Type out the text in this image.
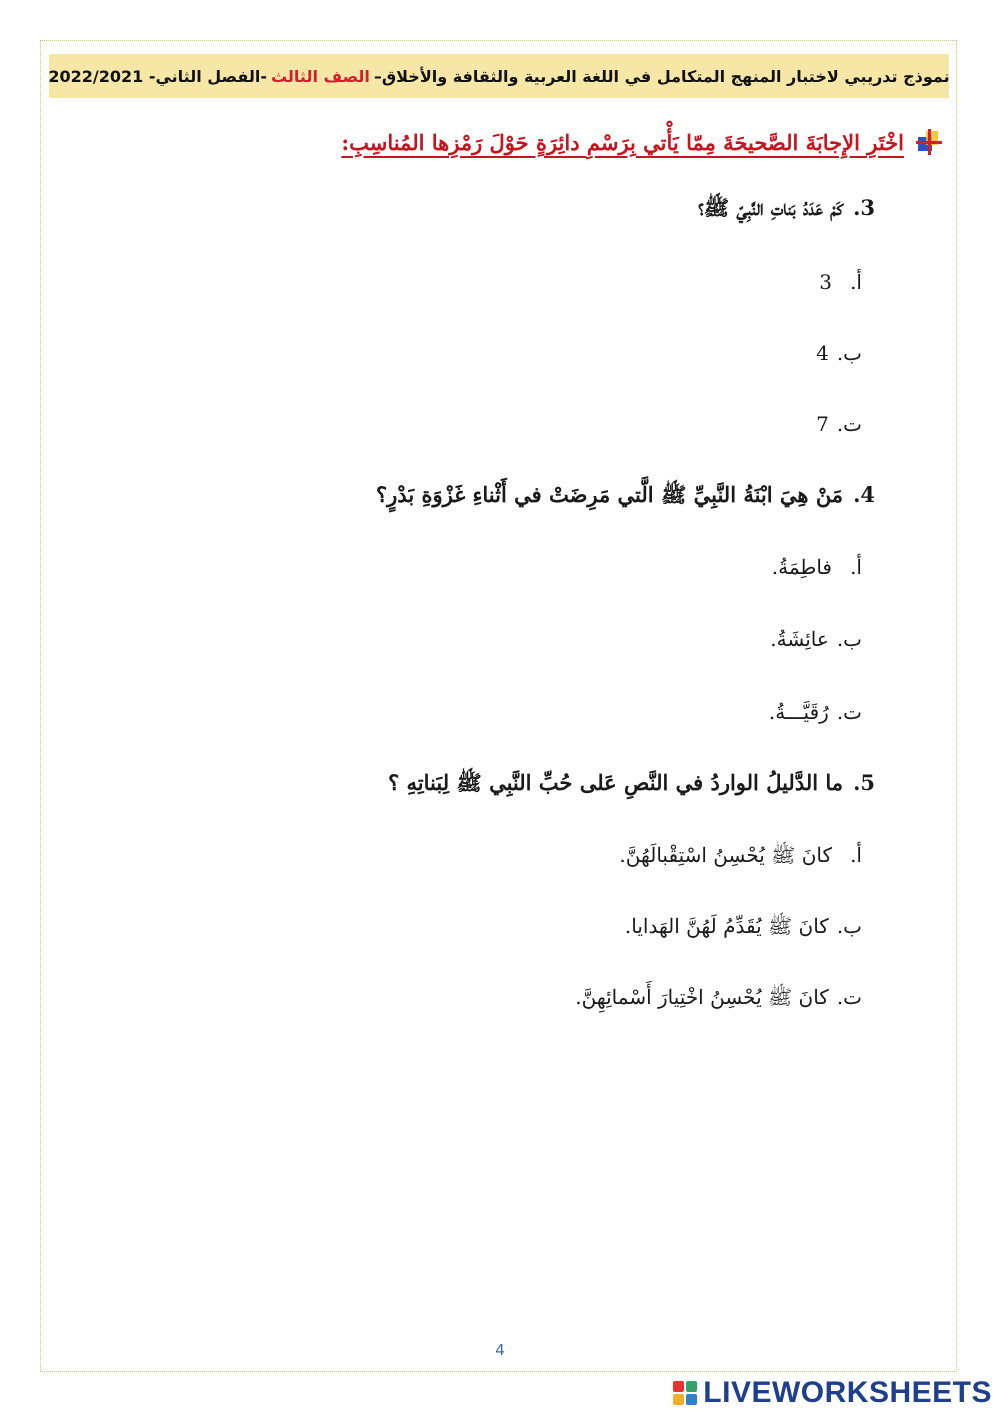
نموذج تدريبي لاختبار المنهج المتكامل في اللغة العربية والثقافة والأخلاق–
الصف الثالث
-الفصل الثاني- 2022/2021
اخْتَرِ الإِجابَةَ الصَّحيحَةَ مِمّا يَأْتي بِرَسْمِ دائِرَةٍ حَوْلَ رَمْزِها المُناسِبِ:
3.
كَمْ عَدَدُ بَناتِ النَّبِيّ ﷺ؟
أ.
3
ب.
4
ت.
7
4.
مَنْ هِيَ ابْنَةُ النَّبِيِّ ﷺ الَّتي مَرِضَتْ في أَثْناءِ غَزْوَةِ بَدْرٍ؟
أ.
فاطِمَةُ.
ب.
عائِشَةُ.
ت.
رُقَيَّـــةُ.
5.
ما الدَّليلُ الواردُ في النَّصِ عَلى حُبِّ النَّبِي ﷺ لِبَناتِهِ ؟
أ.
كانَ ﷺ يُحْسِنُ اسْتِقْبالَهُنَّ.
ب.
كانَ ﷺ يُقَدِّمُ لَهُنَّ الهَدايا.
ت.
كانَ ﷺ يُحْسِنُ اخْتِيارَ أَسْمائِهِنَّ.
4
LIVEWORKSHEETS
